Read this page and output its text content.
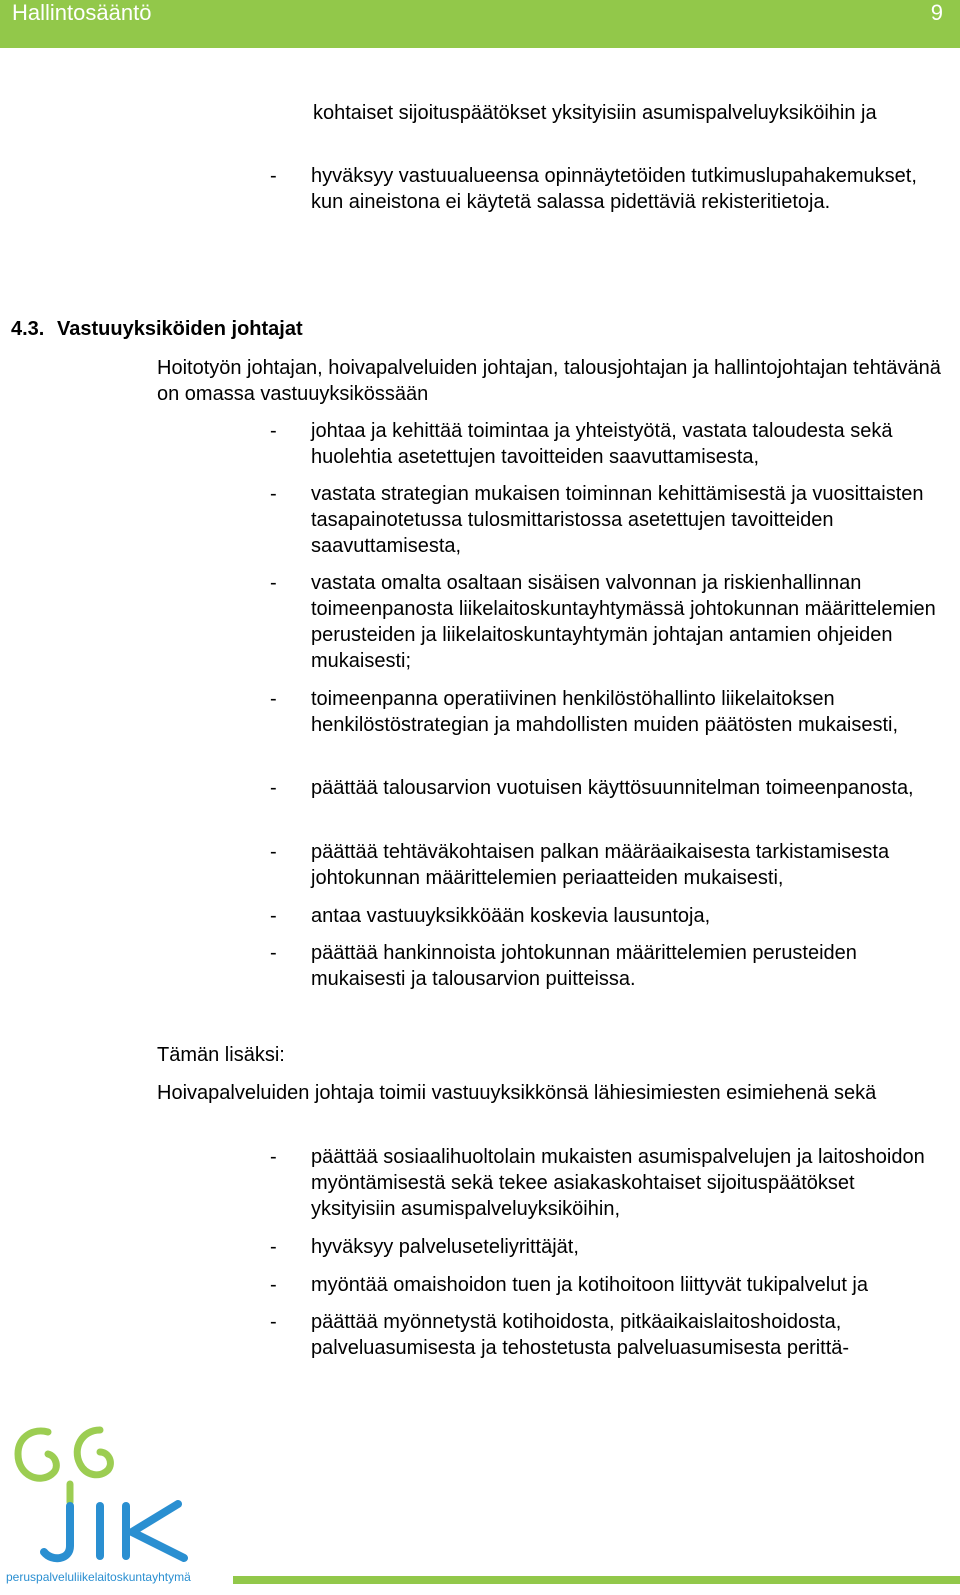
Hallintosääntö	9
kohtaiset sijoituspäätökset yksityisiin asumispalveluyksiköihin ja
- hyväksyy vastuualueensa opinnäytetöiden tutkimuslupahakemukset, kun aineistona ei käytetä salassa pidettäviä rekisteritietoja.
4.3. Vastuuyksiköiden johtajat
Hoitotyön johtajan, hoivapalveluiden johtajan, talousjohtajan ja hallintojohtajan tehtävänä on omassa vastuuyksikössään
- johtaa ja kehittää toimintaa ja yhteistyötä, vastata taloudesta sekä huolehtia asetettujen tavoitteiden saavuttamisesta,
- vastata strategian mukaisen toiminnan kehittämisestä ja vuosittaisten tasapainotetussa tulosmittaristossa asetettujen tavoitteiden saavuttamisesta,
- vastata omalta osaltaan sisäisen valvonnan ja riskienhallinnan toimeenpanosta liikelaitoskuntayhtymässä johtokunnan määrittelemien perusteiden ja liikelaitoskuntayhtymän johtajan antamien ohjeiden mukaisesti;
- toimeenpanna operatiivinen henkilöstöhallinto liikelaitoksen henkilöstöstrategian ja mahdollisten muiden päätösten mukaisesti,
- päättää talousarvion vuotuisen käyttösuunnitelman toimeenpanosta,
- päättää tehtäväkohtaisen palkan määräaikaisesta tarkistamisesta johtokunnan määrittelemien periaatteiden mukaisesti,
- antaa vastuuyksikköään koskevia lausuntoja,
- päättää hankinnoista johtokunnan määrittelemien perusteiden mukaisesti ja talousarvion puitteissa.
Tämän lisäksi:
Hoivapalveluiden johtaja toimii vastuuyksikkönsä lähiesimiesten esimiehenä sekä
- päättää sosiaalihuoltolain mukaisten asumispalvelujen ja laitoshoidon myöntämisestä sekä tekee asiakaskohtaiset sijoituspäätökset yksityisiin asumispalveluyksiköihin,
- hyväksyy palveluseteliyrittäjät,
- myöntää omaishoidon tuen ja kotihoitoon liittyvät tukipalvelut ja
- päättää myönnetystä kotihoidosta, pitkäaikaislaitoshoidosta, palveluasumisesta ja tehostetusta palveluasumisesta perittä-
peruspalveluliikelaitoskuntayhtymä
